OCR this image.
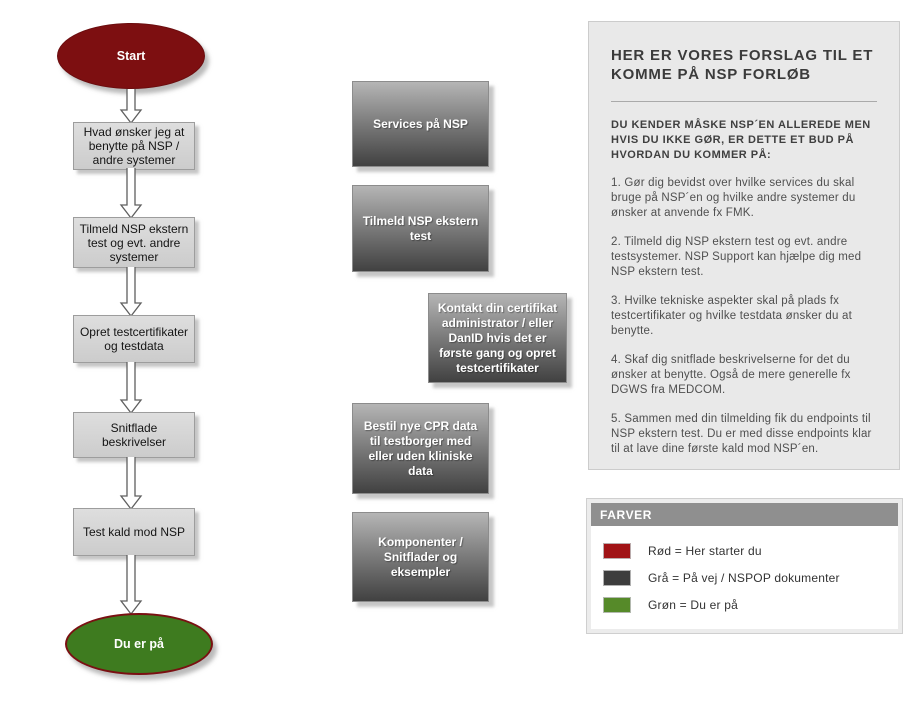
Start
Hvad ønsker jeg at benytte på NSP / andre systemer
Tilmeld NSP ekstern test og evt. andre systemer
Opret testcertifikater og testdata
Snitflade beskrivelser
Test kald mod NSP
Du er på
Services på NSP
Tilmeld NSP ekstern test
Kontakt din certifikat administrator / eller DanID hvis det er første gang og opret testcertifikater
Bestil nye CPR data til testborger med eller uden kliniske data
Komponenter / Snitflader og eksempler
HER ER VORES FORSLAG TIL ET KOMME PÅ NSP FORLØB
DU KENDER MÅSKE NSP´EN ALLEREDE MEN HVIS DU IKKE GØR, ER DETTE ET BUD PÅ HVORDAN DU KOMMER PÅ:

1. Gør dig bevidst over hvilke services du skal bruge på NSP´en og hvilke andre systemer du ønsker at anvende fx FMK.

2. Tilmeld dig NSP ekstern test og evt. andre testsystemer. NSP Support kan hjælpe dig med NSP ekstern test.

3. Hvilke tekniske aspekter skal på plads fx testcertifikater og hvilke testdata ønsker du at benytte.

4. Skaf dig snitflade beskrivelserne for det du ønsker at benytte. Også de mere generelle fx DGWS fra MEDCOM.

5. Sammen med din tilmelding fik du endpoints til NSP ekstern test. Du er med disse endpoints klar til at lave dine første kald mod NSP´en.

FARVER
Rød = Her starter du
Grå = På vej / NSPOP dokumenter
Grøn = Du er på
